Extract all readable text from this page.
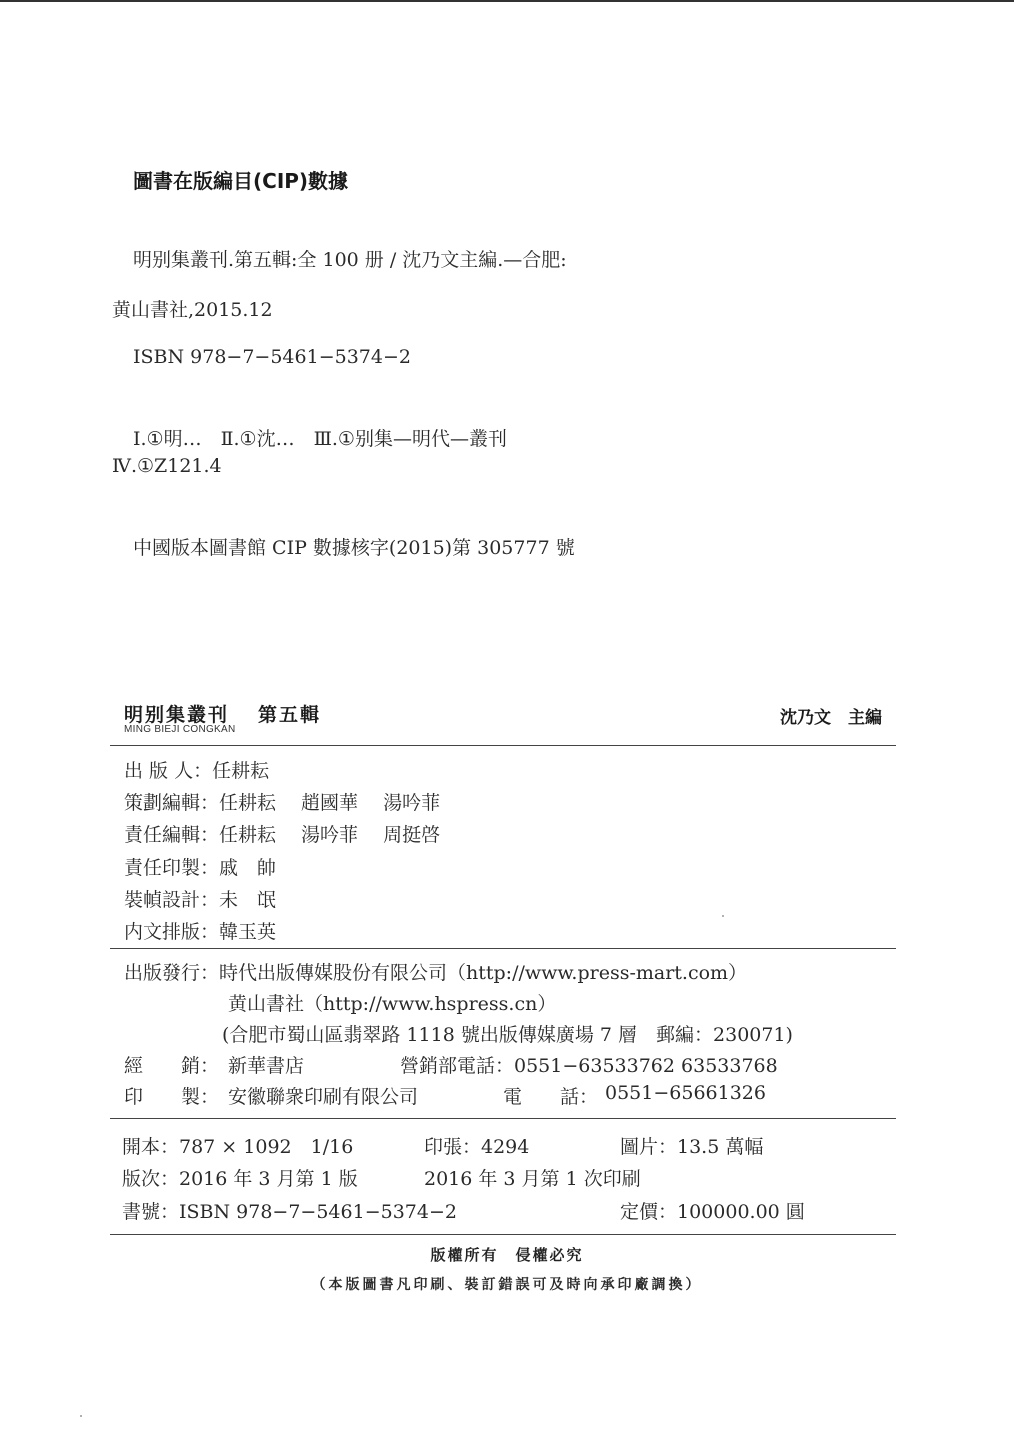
圖書在版編目(CIP)數據
明别集叢刊.第五輯:全 100 册 / 沈乃文主編.—合肥:
黄山書社,2015.12
ISBN 978−7−5461−5374−2
Ⅰ.①明…　Ⅱ.①沈…　Ⅲ.①别集—明代—叢刊
Ⅳ.①Z121.4
中國版本圖書館 CIP 數據核字(2015)第 305777 號
明别集叢刊 第五輯
MING BIEJI CONGKAN
沈乃文　主編
出 版 人：任耕耘
策劃編輯：任耕耘　 趙國華　 湯吟菲
責任編輯：任耕耘　 湯吟菲　 周挺啓
責任印製：戚　帥
裝幀設計：未　氓
内文排版：韓玉英
出版發行：時代出版傳媒股份有限公司（http://www.press-mart.com）
黄山書社（http://www.hspress.cn）
(合肥市蜀山區翡翠路 1118 號出版傳媒廣場 7 層　郵編：230071)
經　　銷： 新華書店	營銷部電話：0551−63533762 63533768
印　　製： 安徽聯衆印刷有限公司	電　　話： 0551−65661326
開本：787 × 1092　1/16	印張：4294	圖片：13.5 萬幅
版次：2016 年 3 月第 1 版	2016 年 3 月第 1 次印刷
書號：ISBN 978−7−5461−5374−2	定價：100000.00 圓
版權所有　侵權必究
（本版圖書凡印刷、裝訂錯誤可及時向承印廠調換）
